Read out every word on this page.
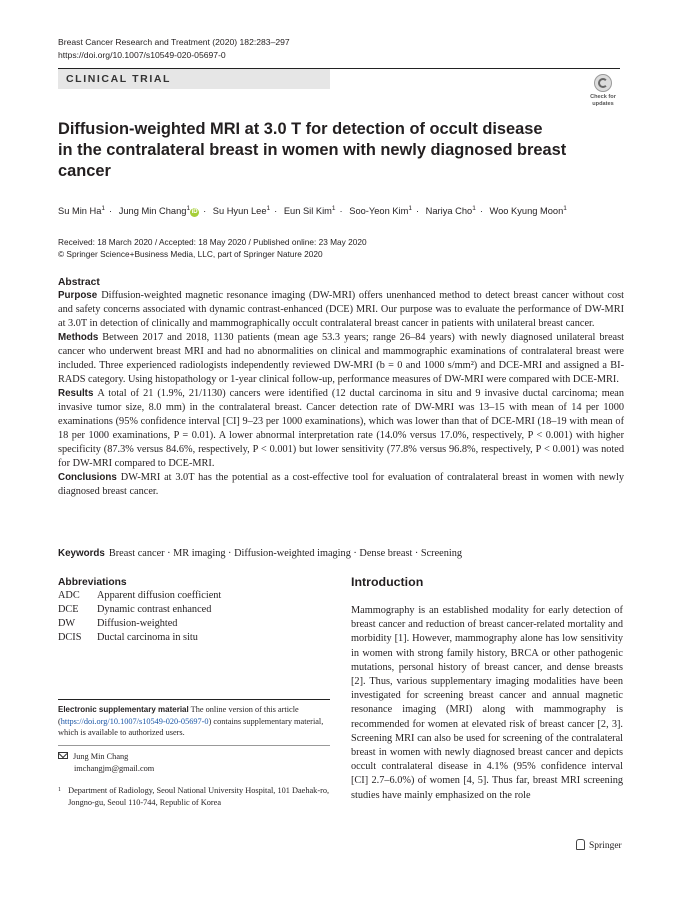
Breast Cancer Research and Treatment (2020) 182:283–297
https://doi.org/10.1007/s10549-020-05697-0
CLINICAL TRIAL
Check for
updates
Diffusion-weighted MRI at 3.0 T for detection of occult disease
in the contralateral breast in women with newly diagnosed breast
cancer
Su Min $Ha^1$ · Jung Min Chang$^1$iD · Su Hyun Lee$^1$ · Eun Sil Kim$^1$ · Soo-Yeon Kim$^1$ · Nariya Cho$^1$ · Woo Kyung Moon$^1$
Received: 18 March 2020 / Accepted: 18 May 2020 / Published online: 23 May 2020
© Springer Science+Business Media, LLC, part of Springer Nature 2020
Abstract

Purpose Diffusion-weighted magnetic resonance imaging (DW-MRI) offers unenhanced method to detect breast cancer without cost and safety concerns associated with dynamic contrast-enhanced (DCE) MRI. Our purpose was to evaluate the performance of DW-MRI at 3.0T in detection of clinically and mammographically occult contralateral breast cancer in patients with unilateral breast cancer.

Methods Between 2017 and 2018, 1130 patients (mean age 53.3 years; range 26–84 years) with newly diagnosed unilateral breast cancer who underwent breast MRI and had no abnormalities on clinical and mammographic examinations of contralateral breast were included. Three experienced radiologists independently reviewed DW-MRI (b = 0 and 1000 s/mm²) and DCE-MRI and assigned a BI-RADS category. Using histopathology or 1-year clinical follow-up, performance measures of DW-MRI were compared with DCE-MRI.

Results A total of 21 (1.9%, 21/1130) cancers were identified (12 ductal carcinoma in situ and 9 invasive ductal carcinoma; mean invasive tumor size, 8.0 mm) in the contralateral breast. Cancer detection rate of DW-MRI was 13–15 with mean of 14 per 1000 examinations (95% confidence interval [CI] 9–23 per 1000 examinations), which was lower than that of DCE-MRI (18–19 with mean of 18 per 1000 examinations, P = 0.01). A lower abnormal interpretation rate (14.0% versus 17.0%, respectively, P < 0.001) with higher specificity (87.3% versus 84.6%, respectively, P < 0.001) but lower sensitivity (77.8% versus 96.8%, respectively, P < 0.001) was noted for DW-MRI compared to DCE-MRI.

Conclusions DW-MRI at 3.0T has the potential as a cost-effective tool for evaluation of contralateral breast in women with newly diagnosed breast cancer.

Keywords Breast cancer · MR imaging · Diffusion-weighted imaging · Dense breast · Screening
Abbreviations
ADC	Apparent diffusion coefficient
DCE	Dynamic contrast enhanced
DW	Diffusion-weighted
DCIS	Ductal carcinoma in situ
Electronic supplementary material The online version of this article (https://doi.org/10.1007/s10549-020-05697-0) contains supplementary material, which is available to authorized users.
Jung Min Chang
imchangjm@gmail.com
1 Department of Radiology, Seoul National University Hospital, 101 Daehak-ro, Jongno-gu, Seoul 110-744, Republic of Korea
Introduction
Mammography is an established modality for early detection of breast cancer and reduction of breast cancer-related mortality and morbidity [1]. However, mammography alone has low sensitivity in women with strong family history, BRCA or other pathogenic mutations, personal history of breast cancer, and dense breasts [2]. Thus, various supplementary imaging modalities have been investigated for screening breast cancer and annual magnetic resonance imaging (MRI) along with mammography is recommended for women at elevated risk of breast cancer [2, 3]. Screening MRI can also be used for screening of the contralateral breast in women with newly diagnosed breast cancer and depicts occult contralateral disease in 4.1% (95% confidence interval [CI] 2.7–6.0%) of women [4, 5]. Thus far, breast MRI screening studies have mainly emphasized on the role
Springer
